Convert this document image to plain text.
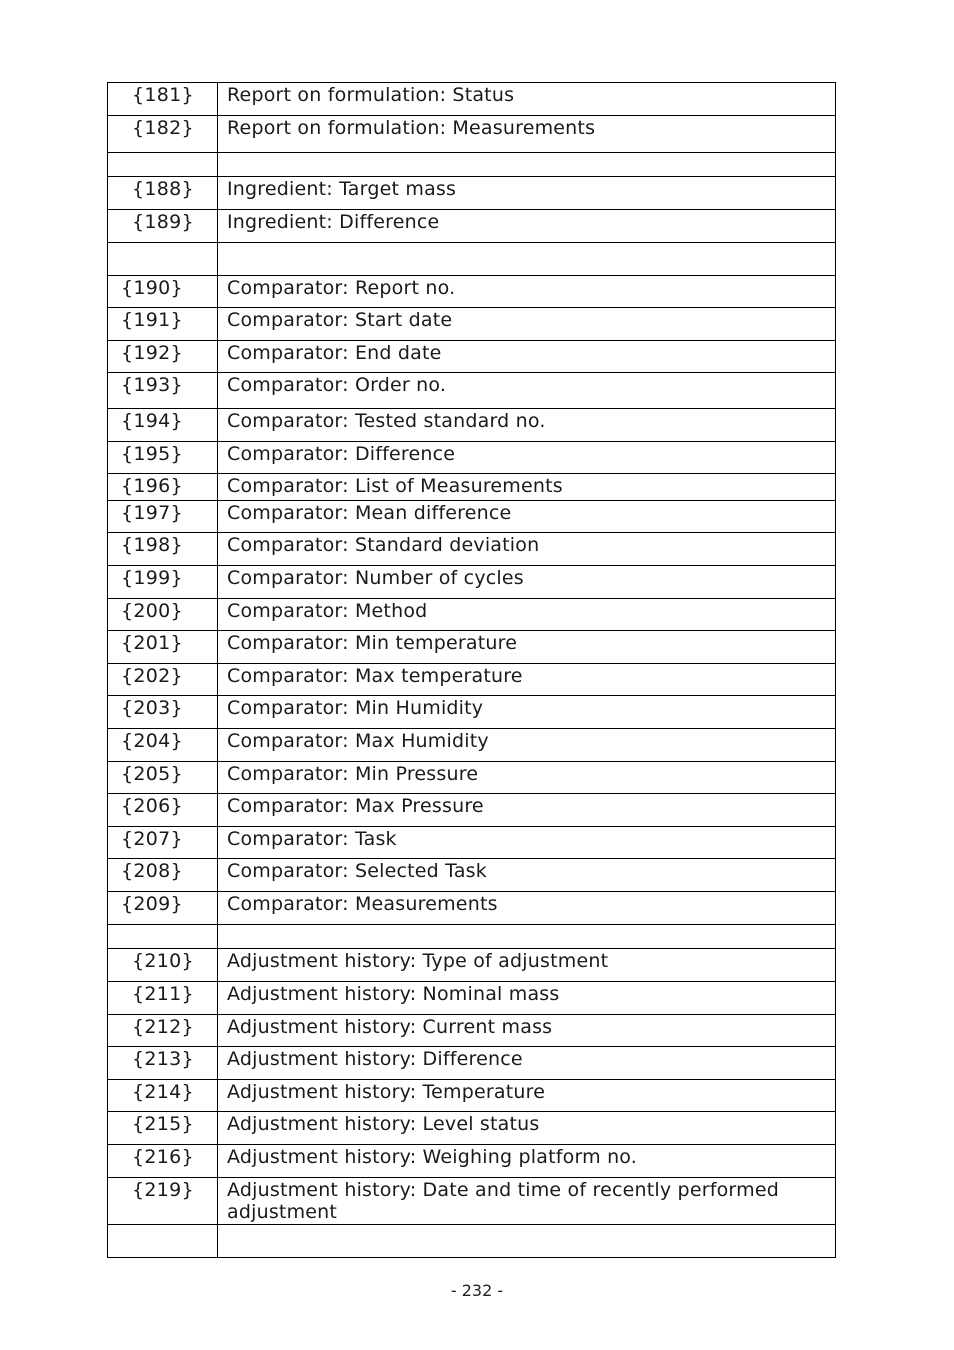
{181}	Report on formulation: Status
{182}	Report on formulation: Measurements

{188}	Ingredient: Target mass
{189}	Ingredient: Difference

{190}	Comparator: Report no.
{191}	Comparator: Start date
{192}	Comparator: End date
{193}	Comparator: Order no.
{194}	Comparator: Tested standard no.
{195}	Comparator: Difference
{196}	Comparator: List of Measurements
{197}	Comparator: Mean difference
{198}	Comparator: Standard deviation
{199}	Comparator: Number of cycles
{200}	Comparator: Method
{201}	Comparator: Min temperature
{202}	Comparator: Max temperature
{203}	Comparator: Min Humidity
{204}	Comparator: Max Humidity
{205}	Comparator: Min Pressure
{206}	Comparator: Max Pressure
{207}	Comparator: Task
{208}	Comparator: Selected Task
{209}	Comparator: Measurements

{210}	Adjustment history: Type of adjustment
{211}	Adjustment history: Nominal mass
{212}	Adjustment history: Current mass
{213}	Adjustment history: Difference
{214}	Adjustment history: Temperature
{215}	Adjustment history: Level status
{216}	Adjustment history: Weighing platform no.
{219}	Adjustment history: Date and time of recently performed adjustment

- 232 -
